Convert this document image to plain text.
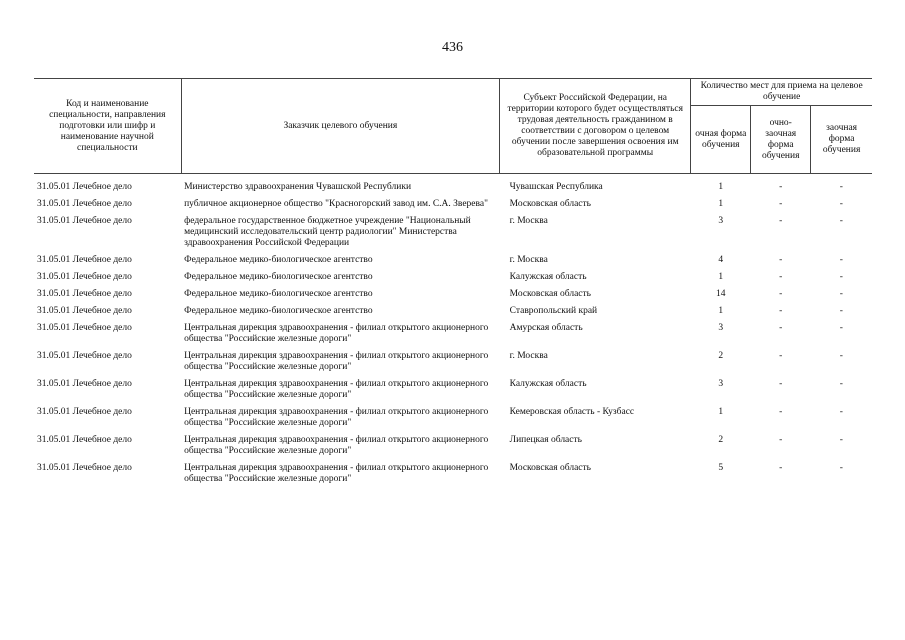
436
Код и наименование специальности, направления подготовки или шифр и наименование научной специальности	Заказчик целевого обучения	Субъект Российской Федерации, на территории которого будет осуществляться трудовая деятельность гражданином в соответствии с договором о целевом обучении после завершения освоения им образовательной программы	Количество мест для приема на целевое обучение		
			очная форма обучения	очно-заочная форма обучения	заочная форма обучения

31.05.01 Лечебное дело	Министерство здравоохранения Чувашской Республики	Чувашская Республика	1	-	-
31.05.01 Лечебное дело	публичное акционерное общество "Красногорский завод им. С.А. Зверева"	Московская область	1	-	-
31.05.01 Лечебное дело	федеральное государственное бюджетное учреждение "Национальный медицинский исследовательский центр радиологии" Министерства здравоохранения Российской Федерации	г. Москва	3	-	-
31.05.01 Лечебное дело	Федеральное медико-биологическое агентство	г. Москва	4	-	-
31.05.01 Лечебное дело	Федеральное медико-биологическое агентство	Калужская область	1	-	-
31.05.01 Лечебное дело	Федеральное медико-биологическое агентство	Московская область	14	-	-
31.05.01 Лечебное дело	Федеральное медико-биологическое агентство	Ставропольский край	1	-	-
31.05.01 Лечебное дело	Центральная дирекция здравоохранения - филиал открытого акционерного общества "Российские железные дороги"	Амурская область	3	-	-
31.05.01 Лечебное дело	Центральная дирекция здравоохранения - филиал открытого акционерного общества "Российские железные дороги"	г. Москва	2	-	-
31.05.01 Лечебное дело	Центральная дирекция здравоохранения - филиал открытого акционерного общества "Российские железные дороги"	Калужская область	3	-	-
31.05.01 Лечебное дело	Центральная дирекция здравоохранения - филиал открытого акционерного общества "Российские железные дороги"	Кемеровская область - Кузбасс	1	-	-
31.05.01 Лечебное дело	Центральная дирекция здравоохранения - филиал открытого акционерного общества "Российские железные дороги"	Липецкая область	2	-	-
31.05.01 Лечебное дело	Центральная дирекция здравоохранения - филиал открытого акционерного общества "Российские железные дороги"	Московская область	5	-	-
